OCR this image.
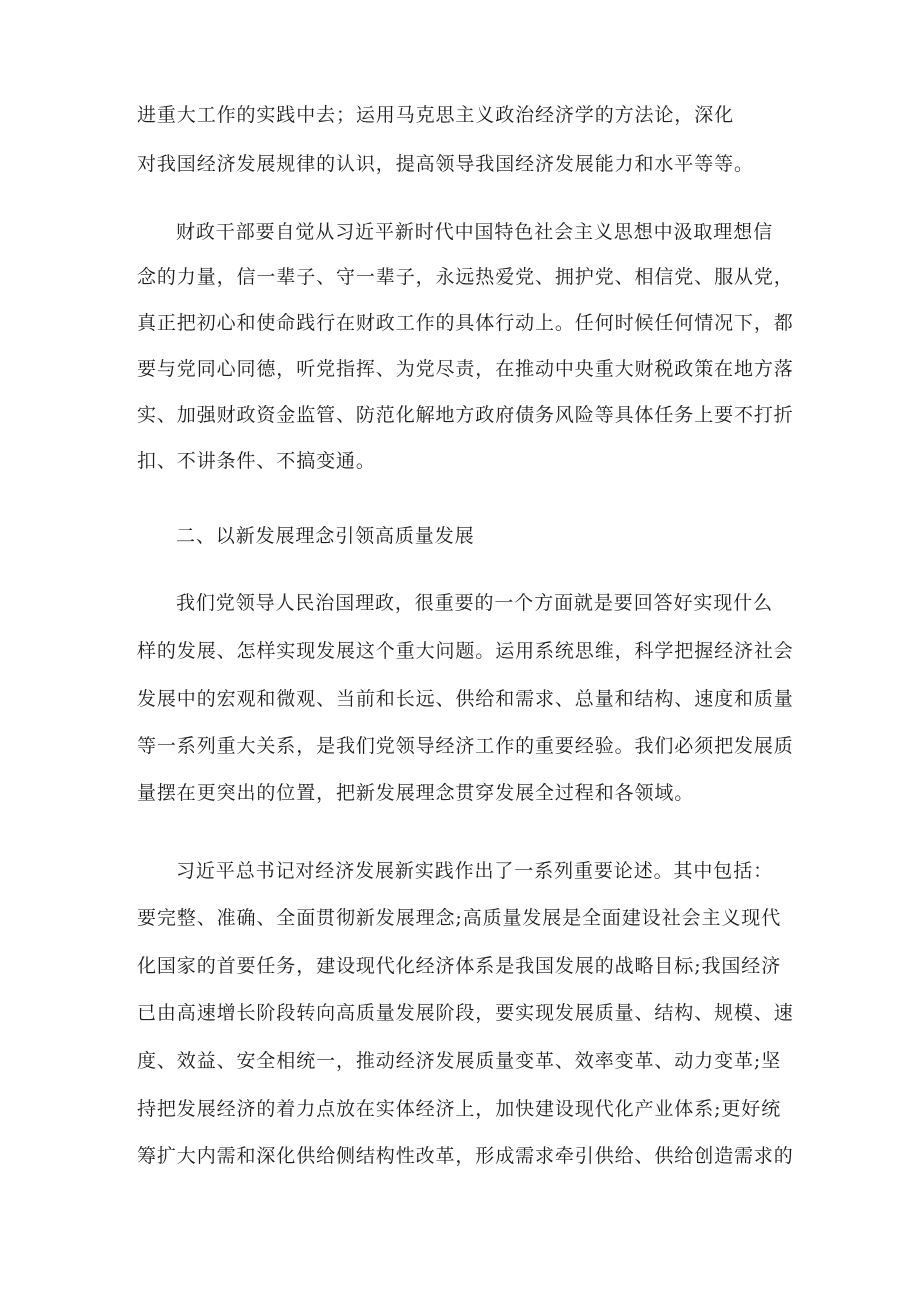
进重大工作的实践中去；运用马克思主义政治经济学的方法论，深化
对我国经济发展规律的认识，提高领导我国经济发展能力和水平等等。
财政干部要自觉从习近平新时代中国特色社会主义思想中汲取理想信
念的力量，信一辈子、守一辈子，永远热爱党、拥护党、相信党、服从党，
真正把初心和使命践行在财政工作的具体行动上。任何时候任何情况下，都
要与党同心同德，听党指挥、为党尽责，在推动中央重大财税政策在地方落
实、加强财政资金监管、防范化解地方政府债务风险等具体任务上要不打折
扣、不讲条件、不搞变通。
二、以新发展理念引领高质量发展
我们党领导人民治国理政，很重要的一个方面就是要回答好实现什么
样的发展、怎样实现发展这个重大问题。运用系统思维，科学把握经济社会
发展中的宏观和微观、当前和长远、供给和需求、总量和结构、速度和质量
等一系列重大关系，是我们党领导经济工作的重要经验。我们必须把发展质
量摆在更突出的位置，把新发展理念贯穿发展全过程和各领域。
习近平总书记对经济发展新实践作出了一系列重要论述。其中包括：
要完整、准确、全面贯彻新发展理念;高质量发展是全面建设社会主义现代
化国家的首要任务，建设现代化经济体系是我国发展的战略目标;我国经济
已由高速增长阶段转向高质量发展阶段，要实现发展质量、结构、规模、速
度、效益、安全相统一，推动经济发展质量变革、效率变革、动力变革;坚
持把发展经济的着力点放在实体经济上，加快建设现代化产业体系;更好统
筹扩大内需和深化供给侧结构性改革，形成需求牵引供给、供给创造需求的
